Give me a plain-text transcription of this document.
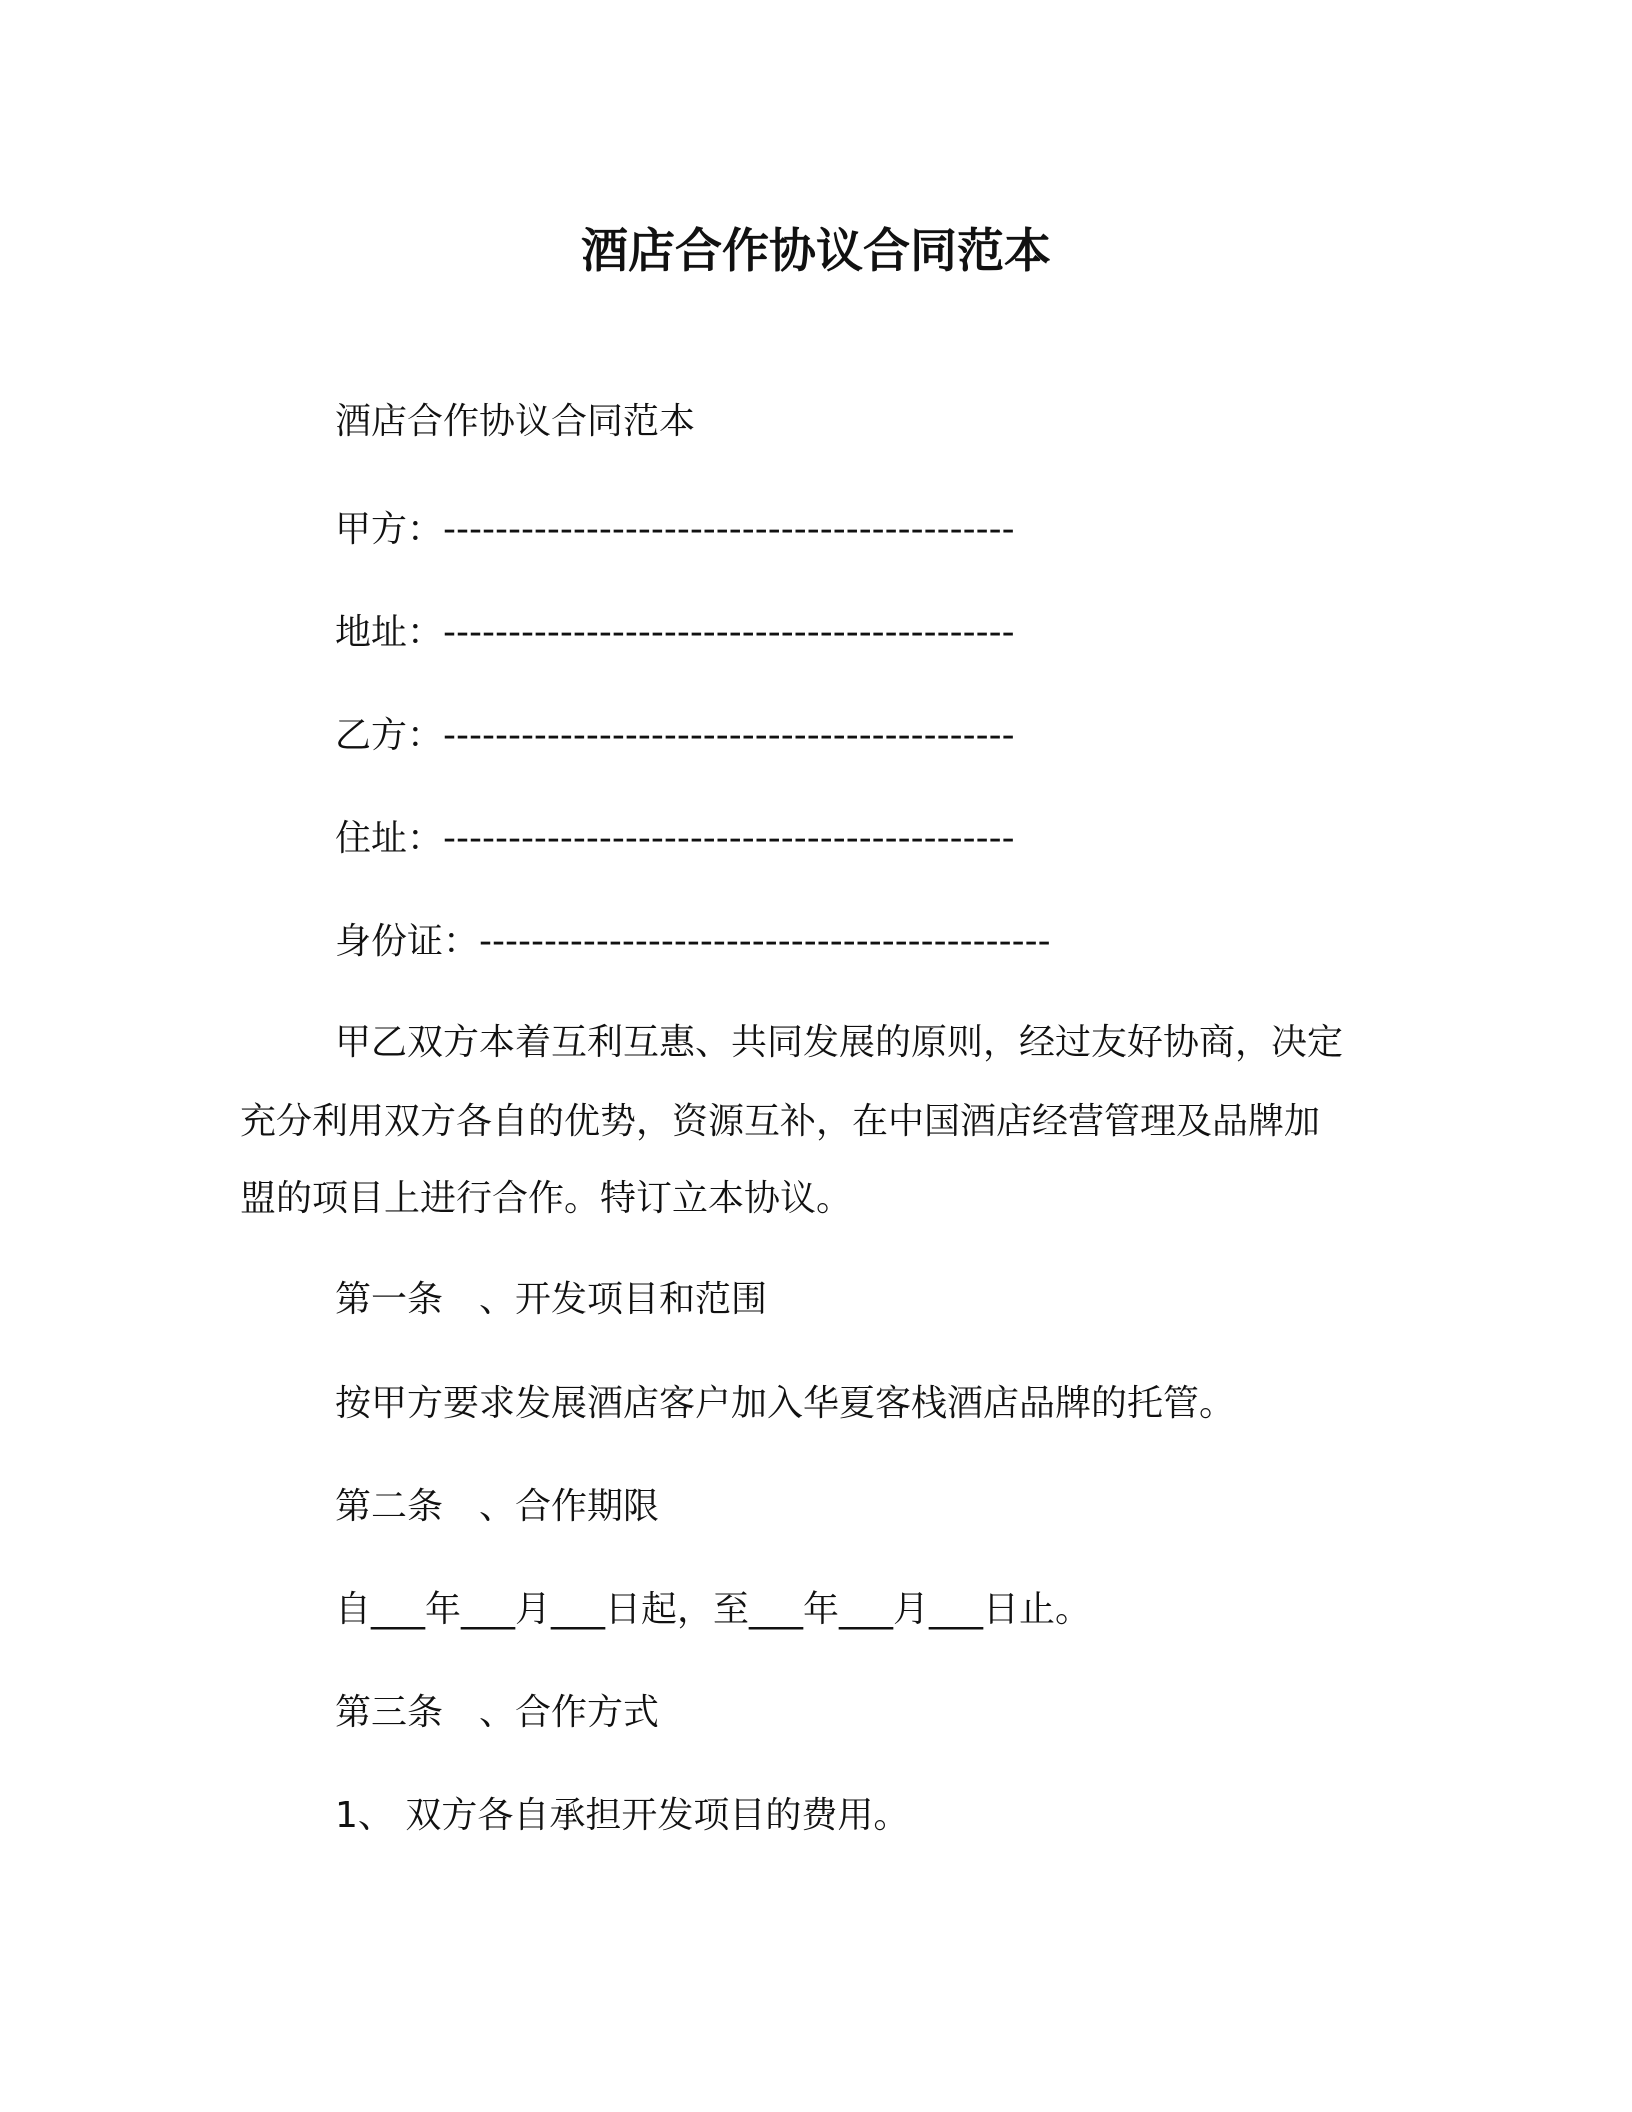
酒店合作协议合同范本
酒店合作协议合同范本
甲方：--------------------------------------------
地址：--------------------------------------------
乙方：--------------------------------------------
住址：--------------------------------------------
身份证：--------------------------------------------
甲乙双方本着互利互惠、共同发展的原则，经过友好协商，决定
充分利用双方各自的优势，资源互补，在中国酒店经营管理及品牌加
盟的项目上进行合作。特订立本协议。
第一条　、开发项目和范围
按甲方要求发展酒店客户加入华夏客栈酒店品牌的托管。
第二条　、合作期限
自___年___月___日起，至___年___月___日止。
第三条　、合作方式
1、 双方各自承担开发项目的费用。
